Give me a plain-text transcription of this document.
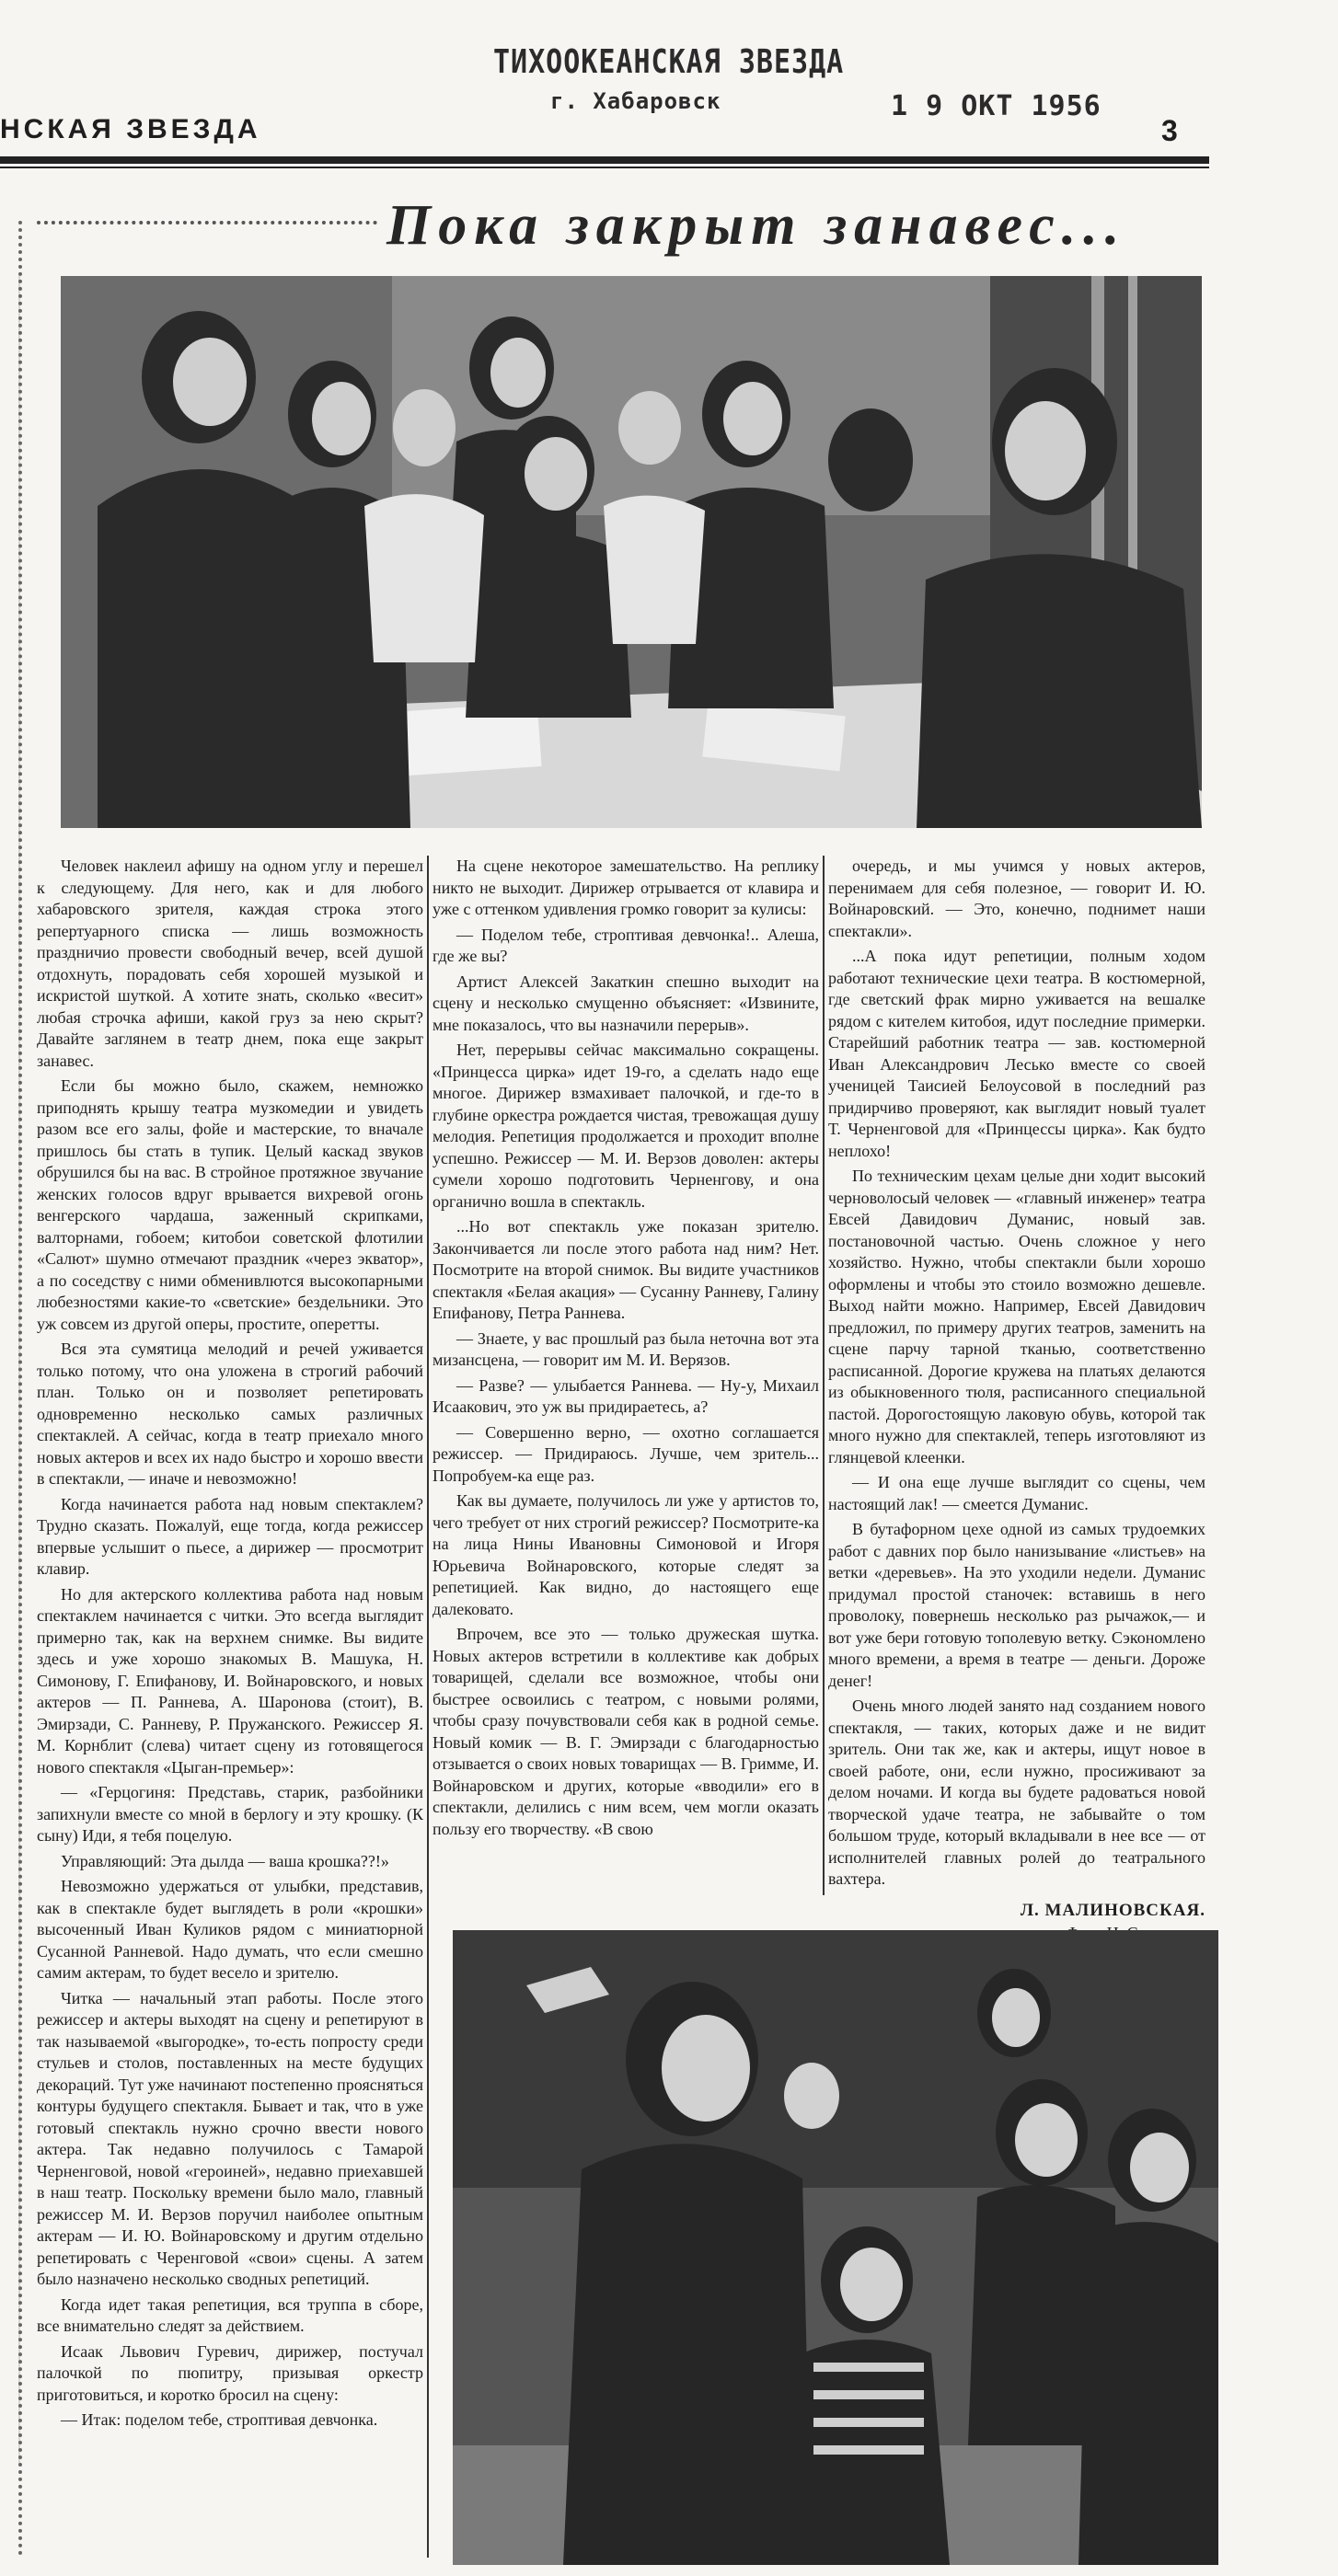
ТИХООКЕАНСКАЯ ЗВЕЗДА
г. Хабаровск	1 9 ОКТ 1956
НСКАЯ ЗВЕЗДА	3
Пока закрыт занавес...

Человек наклеил афишу на одном углу и перешел к следующему. Для него, как и для любого хабаровского зрителя, каждая строка этого репертуарного списка — лишь возможность праздничио провести свободный вечер, всей душой отдохнуть, порадовать себя хорошей музыкой и искристой шуткой. А хотите знать, сколько «весит» любая строчка афиши, какой груз за нею скрыт? Давайте заглянем в театр днем, пока еще закрыт занавес.

Если бы можно было, скажем, немножко приподнять крышу театра музкомедии и увидеть разом все его залы, фойе и мастерские, то вначале пришлось бы стать в тупик. Целый каскад звуков обрушился бы на вас. В стройное протяжное звучание женских голосов вдруг врывается вихревой огонь венгерского чардаша, заженный скрипками, валторнами, гобоем; китобои советской флотилии «Салют» шумно отмечают праздник «через экватор», а по соседству с ними обменивлются высокопарными любезностями какие-то «светские» бездельники. Это уж совсем из другой оперы, простите, оперетты.

Вся эта сумятица мелодий и речей уживается только потому, что она уложена в строгий рабочий план. Только он и позволяет репетировать одновременно несколько самых различных спектаклей. А сейчас, когда в театр приехало много новых актеров и всех их надо быстро и хорошо ввести в спектакли, — иначе и невозможно!

Когда начинается работа над новым спектаклем? Трудно сказать. Пожалуй, еще тогда, когда режиссер впервые услышит о пьесе, а дирижер — просмотрит клавир.

Но для актерского коллектива работа над новым спектаклем начинается с читки. Это всегда выглядит примерно так, как на верхнем снимке. Вы видите здесь и уже хорошо знакомых В. Машука, Н. Симонову, Г. Епифанову, И. Войнаровского, и новых актеров — П. Раннева, А. Шаронова (стоит), В. Эмирзади, С. Ранневу, Р. Пружанского. Режиссер Я. М. Корнблит (слева) читает сцену из готовящегося нового спектакля «Цыган-премьер»:

— «Герцогиня: Представь, старик, разбойники запихнули вместе со мной в берлогу и эту крошку. (К сыну) Иди, я тебя поцелую.

Управляющий: Эта дылда — ваша крошка??!»

Невозможно удержаться от улыбки, представив, как в спектакле будет выглядеть в роли «крошки» высоченный Иван Куликов рядом с миниатюрной Сусанной Ранневой. Надо думать, что если смешно самим актерам, то будет весело и зрителю.

Читка — начальный этап работы. После этого режиссер и актеры выходят на сцену и репетируют в так называемой «выгородке», то-есть попросту среди стульев и столов, поставленных на месте будущих декораций. Тут уже начинают постепенно проясняться контуры будущего спектакля. Бывает и так, что в уже готовый спектакль нужно срочно ввести нового актера. Так недавно получилось с Тамарой Черненговой, новой «героиней», недавно приехавшей в наш театр. Поскольку времени было мало, главный режиссер М. И. Верзов поручил наиболее опытным актерам — И. Ю. Войнаровскому и другим отдельно репетировать с Черенговой «свои» сцены. А затем было назначено несколько сводных репетиций.

Когда идет такая репетиция, вся труппа в сборе, все внимательно следят за действием.

Исаак Львович Гуревич, дирижер, постучал палочкой по пюпитру, призывая оркестр приготовиться, и коротко бросил на сцену:

— Итак: поделом тебе, строптивая девчонка.

На сцене некоторое замешательство. На реплику никто не выходит. Дирижер отрывается от клавира и уже с оттенком удивления громко говорит за кулисы:

— Поделом тебе, строптивая девчонка!.. Алеша, где же вы?

Артист Алексей Закаткин спешно выходит на сцену и несколько смущенно объясняет: «Извините, мне показалось, что вы назначили перерыв».

Нет, перерывы сейчас максимально сокращены. «Принцесса цирка» идет 19-го, а сделать надо еще многое. Дирижер взмахивает палочкой, и где-то в глубине оркестра рождается чистая, тревожащая душу мелодия. Репетиция продолжается и проходит вполне успешно. Режиссер — М. И. Верзов доволен: актеры сумели хорошо подготовить Черненгову, и она органично вошла в спектакль.

...Но вот спектакль уже показан зрителю. Закончивается ли после этого работа над ним? Нет. Посмотрите на второй снимок. Вы видите участников спектакля «Белая акация» — Сусанну Ранневу, Галину Епифанову, Петра Раннева.

— Знаете, у вас прошлый раз была неточна вот эта мизансцена, — говорит им М. И. Верязов.

— Разве? — улыбается Раннева. — Ну-у, Михаил Исаакович, это уж вы придираетесь, а?

— Совершенно верно, — охотно соглашается режиссер. — Придираюсь. Лучше, чем зритель... Попробуем-ка еще раз.

Как вы думаете, получилось ли уже у артистов то, чего требует от них строгий режиссер? Посмотрите-ка на лица Нины Ивановны Симоновой и Игоря Юрьевича Войнаровского, которые следят за репетицией. Как видно, до настоящего еще далековато.

Впрочем, все это — только дружеская шутка. Новых актеров встретили в коллективе как добрых товарищей, сделали все возможное, чтобы они быстрее освоились с театром, с новыми ролями, чтобы сразу почувствовали себя как в родной семье. Новый комик — В. Г. Эмирзади с благодарностью отзывается о своих новых товарищах — В. Гримме, И. Войнаровском и других, которые «вводили» его в спектакли, делились с ним всем, чем могли оказать пользу его творчеству. «В свою

очередь, и мы учимся у новых актеров, перенимаем для себя полезное, — говорит И. Ю. Войнаровский. — Это, конечно, поднимет наши спектакли».

...А пока идут репетиции, полным ходом работают технические цехи театра. В костюмерной, где светский фрак мирно уживается на вешалке рядом с кителем китобоя, идут последние примерки. Старейший работник театра — зав. костюмерной Иван Александрович Лесько вместе со своей ученицей Таисией Белоусовой в последний раз придирчиво проверяют, как выглядит новый туалет Т. Черненговой для «Принцессы цирка». Как будто неплохо!

По техническим цехам целые дни ходит высокий черноволосый человек — «главный инженер» театра Евсей Давидович Думанис, новый зав. постановочной частью. Очень сложное у него хозяйство. Нужно, чтобы спектакли были хорошо оформлены и чтобы это стоило возможно дешевле. Выход найти можно. Например, Евсей Давидович предложил, по примеру других театров, заменить на сцене парчу тарной тканью, соответственно расписанной. Дорогие кружева на платьях делаются из обыкновенного тюля, расписанного специальной пастой. Дорогостоящую лаковую обувь, которой так много нужно для спектаклей, теперь изготовляют из глянцевой клеенки.

— И она еще лучше выглядит со сцены, чем настоящий лак! — смеется Думанис.

В бутафорном цехе одной из самых трудоемких работ с давних пор было нанизывание «листьев» на ветки «деревьев». На это уходили недели. Думанис придумал простой станочек: вставишь в него проволоку, повернешь несколько раз рычажок,— и вот уже бери готовую тополевую ветку. Сэкономлено много времени, а время в театре — деньги. Дороже денег!

Очень много людей занято над созданием нового спектакля, — таких, которых даже и не видит зритель. Они так же, как и актеры, ищут новое в своей работе, они, если нужно, просиживают за делом ночами. И когда вы будете радоваться новой творческой удаче театра, не забывайте о том большом труде, который вкладывали в нее все — от исполнителей главных ролей до театрального вахтера.

Л. МАЛИНОВСКАЯ.
